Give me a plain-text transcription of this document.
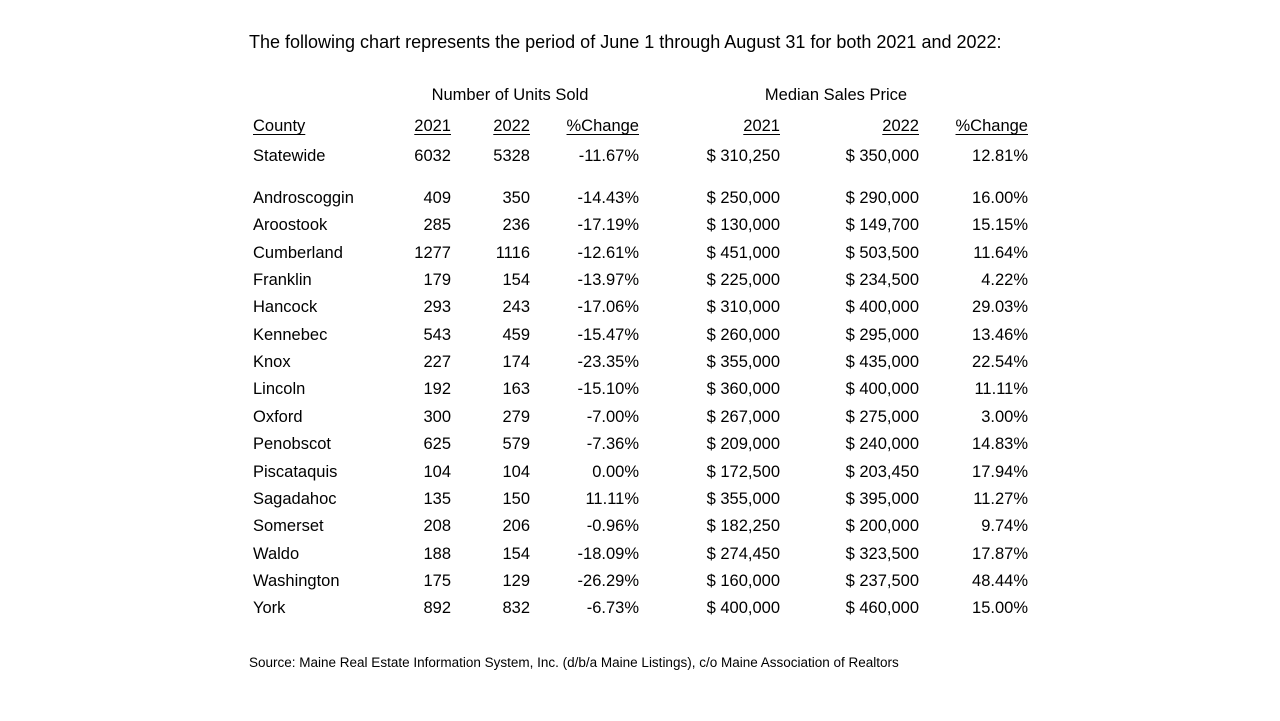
The following chart represents the period of June 1 through August 31 for both 2021 and 2022:
Number of Units Sold	Median Sales Price
County	2021	2022 %Change	2021	2022 %Change
Statewide	6032	5328	-11.67%	$ 310,250	$ 350,000	12.81%
Androscoggin	409	350	-14.43%	$ 250,000	$ 290,000	16.00%
Aroostook	285	236	-17.19%	$ 130,000	$ 149,700	15.15%
Cumberland	1277	1116	-12.61%	$ 451,000	$ 503,500	11.64%
Franklin	179	154	-13.97%	$ 225,000	$ 234,500	4.22%
Hancock	293	243	-17.06%	$ 310,000	$ 400,000	29.03%
Kennebec	543	459	-15.47%	$ 260,000	$ 295,000	13.46%
Knox	227	174	-23.35%	$ 355,000	$ 435,000	22.54%
Lincoln	192	163	-15.10%	$ 360,000	$ 400,000	11.11%
Oxford	300	279	-7.00%	$ 267,000	$ 275,000	3.00%
Penobscot	625	579	-7.36%	$ 209,000	$ 240,000	14.83%
Piscataquis	104	104	0.00%	$ 172,500	$ 203,450	17.94%
Sagadahoc	135	150	11.11%	$ 355,000	$ 395,000	11.27%
Somerset	208	206	-0.96%	$ 182,250	$ 200,000	9.74%
Waldo	188	154	-18.09%	$ 274,450	$ 323,500	17.87%
Washington	175	129	-26.29%	$ 160,000	$ 237,500	48.44%
York	892	832	-6.73%	$ 400,000	$ 460,000	15.00%
Source: Maine Real Estate Information System, Inc. (d/b/a Maine Listings), c/o Maine Association of Realtors
